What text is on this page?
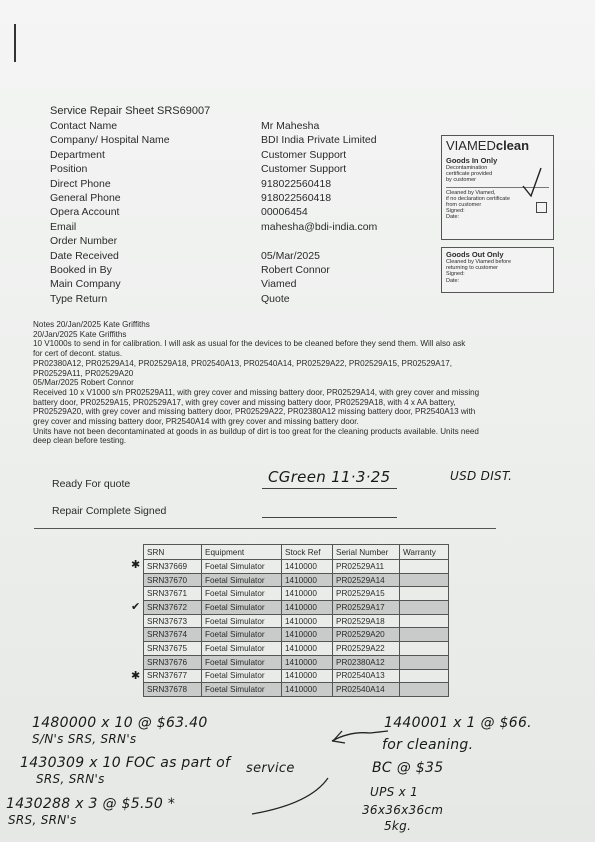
Service Repair Sheet SRS69007
Contact Name	Mr Mahesha
Company/ Hospital Name	BDI India Private Limited
Department	Customer Support
Position	Customer Support
Direct Phone	918022560418
General Phone	918022560418
Opera Account	00006454
Email	mahesha@bdi-india.com
Order Number
Date Received	05/Mar/2025
Booked in By	Robert Connor
Main Company	Viamed
Type Return	Quote
VIAMEDclean
Goods In Only
Decontamination
certificate provided
by customer
Cleaned by Viamed,
if no declaration certificate
from customer
Signed:
Date:
Goods Out Only
Cleaned by Viamed before
returning to customer
Signed:
Date:
Notes 20/Jan/2025 Kate Griffiths
20/Jan/2025 Kate Griffiths
10 V1000s to send in for calibration. I will ask as usual for the devices to be cleaned before they send them. Will also ask
for cert of decont. status.
PR02380A12, PR02529A14, PR02529A18, PR02540A13, PR02540A14, PR02529A22, PR02529A15, PR02529A17,
PR02529A11, PR02529A20
05/Mar/2025 Robert Connor
Received 10 x V1000 s/n PR02529A11, with grey cover and missing battery door, PR02529A14, with grey cover and missing
battery door, PR02529A15, PR02529A17, with grey cover and missing battery door, PR02529A18, with 4 x AA battery,
PR02529A20, with grey cover and missing battery door, PR02529A22, PR02380A12 missing battery door, PR2540A13 with
grey cover and missing battery door, PR2540A14 with grey cover and missing battery door.
Units have not been decontaminated at goods in as buildup of dirt is too great for the cleaning products available. Units need
deep clean before testing.
Ready For quote	CGreen 11·3·25	USD DIST.
Repair Complete Signed
SRN	Equipment	Stock Ref	Serial Number	Warranty
SRN37669	Foetal Simulator	1410000	PR02529A11	
SRN37670	Foetal Simulator	1410000	PR02529A14	
SRN37671	Foetal Simulator	1410000	PR02529A15	
SRN37672	Foetal Simulator	1410000	PR02529A17	
SRN37673	Foetal Simulator	1410000	PR02529A18	
SRN37674	Foetal Simulator	1410000	PR02529A20	
SRN37675	Foetal Simulator	1410000	PR02529A22	
SRN37676	Foetal Simulator	1410000	PR02380A12	
SRN37677	Foetal Simulator	1410000	PR02540A13	
SRN37678	Foetal Simulator	1410000	PR02540A14	
✱
✔
✱
1480000 x 10 @ $63.40
S/N's SRS, SRN's
1430309 x 10 FOC as part of service
SRS, SRN's
1430288 x 3 @ $5.50 *
SRS, SRN's
1440001 x 1 @ $66.
for cleaning.
BC @ $35
UPS x 1
36x36x36cm
5kg.
